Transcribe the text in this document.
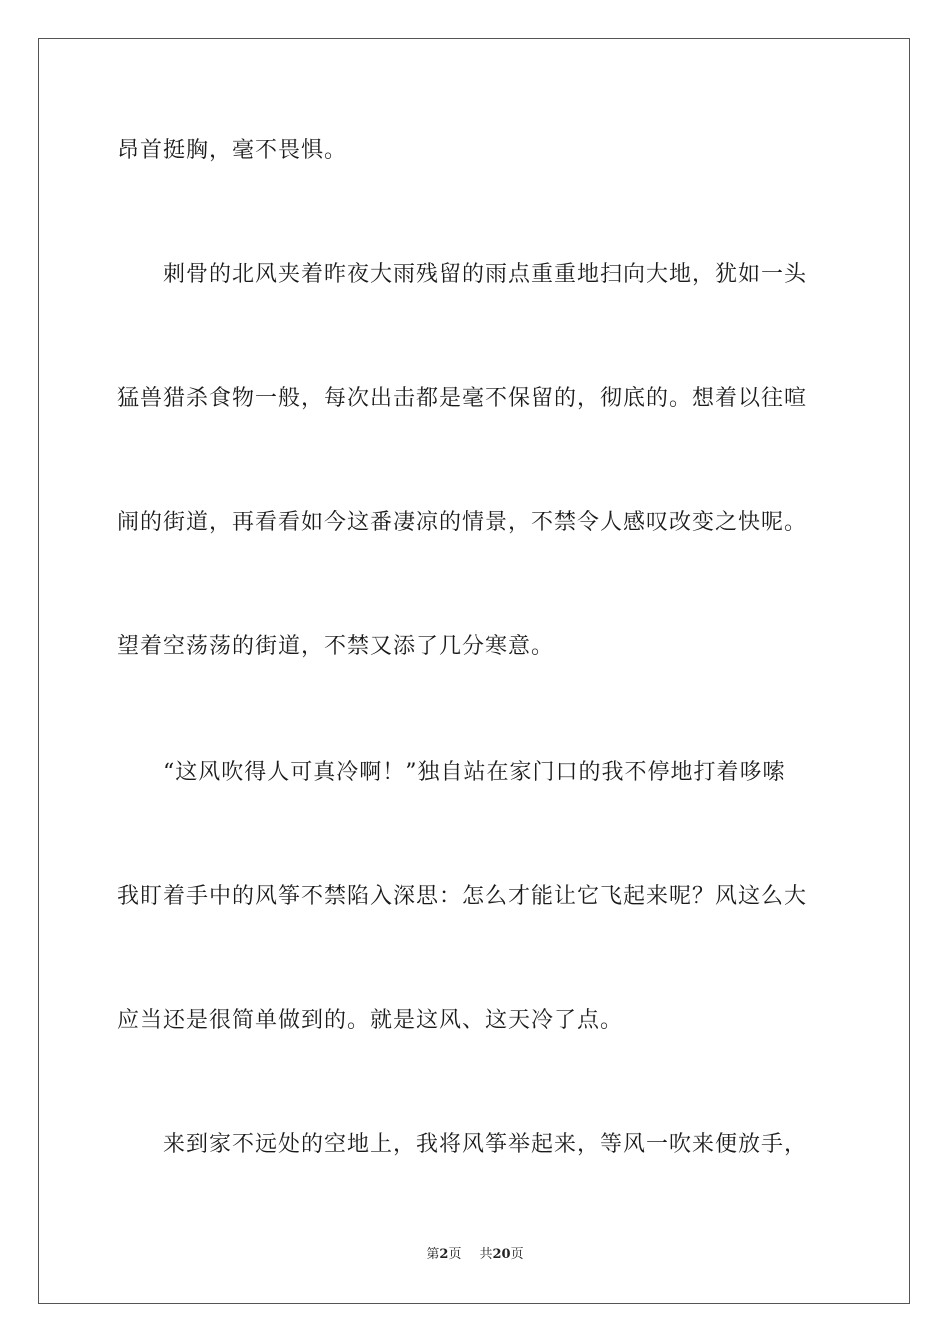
昂首挺胸，毫不畏惧。
刺骨的北风夹着昨夜大雨残留的雨点重重地扫向大地，犹如一头
猛兽猎杀食物一般，每次出击都是毫不保留的，彻底的。想着以往喧
闹的街道，再看看如今这番凄凉的情景，不禁令人感叹改变之快呢。
望着空荡荡的街道，不禁又添了几分寒意。
“这风吹得人可真冷啊！”独自站在家门口的我不停地打着哆嗦
我盯着手中的风筝不禁陷入深思：怎么才能让它飞起来呢？风这么大
应当还是很简单做到的。就是这风、这天冷了点。
来到家不远处的空地上，我将风筝举起来，等风一吹来便放手，
第2页 共20页
